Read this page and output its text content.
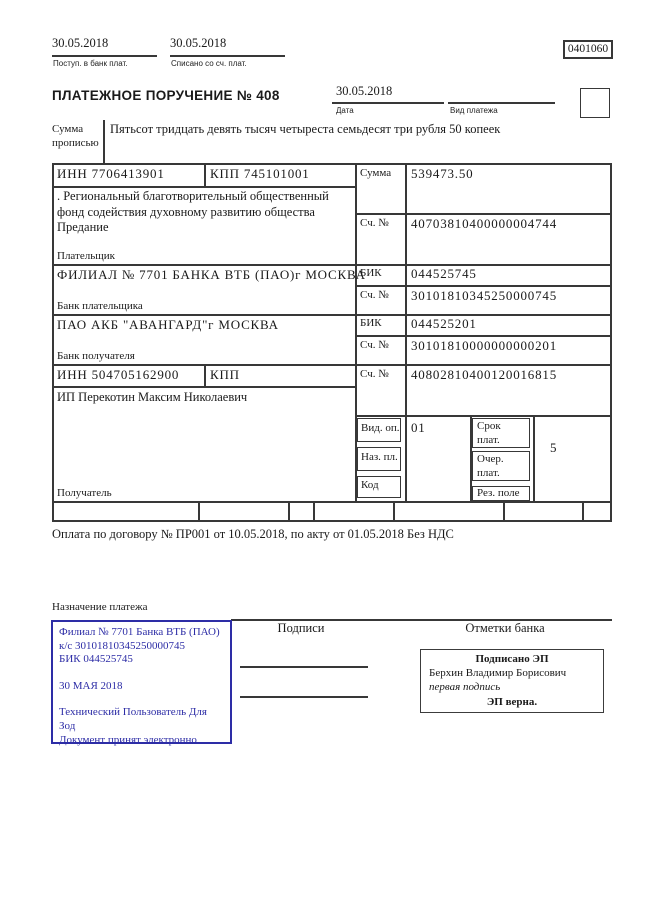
30.05.2018
Поступ. в банк плат.
30.05.2018
Списано со сч. плат.
0401060
ПЛАТЕЖНОЕ ПОРУЧЕНИЕ № 408	30.05.2018
Дата	Вид платежа
Сумма прописью
Пятьсот тридцать девять тысяч четыреста семьдесят три рубля 50 копеек
ИНН 7706413901	КПП 745101001
. Региональный благотворительный общественный фонд содействия духовному развитию общества Предание
Плательщик
Сумма 539473.50
Сч. № 40703810400000004744
ФИЛИАЛ № 7701 БАНКА ВТБ (ПАО)г МОСКВА
Банк плательщика
БИК 044525745
Сч. № 30101810345250000745
ПАО АКБ "АВАНГАРД"г МОСКВА
Банк получателя
БИК 044525201
Сч. № 30101810000000000201
ИНН 504705162900 КПП
ИП Перекотин Максим Николаевич
Получатель
Сч. № 40802810400120016815
Вид. оп. 01
Наз. пл.
Код
Срок плат.
Очер. плат.
Рез. поле
5
Оплата по договору № ПР001 от 10.05.2018, по акту от 01.05.2018 Без НДС
Назначение платежа
Филиал № 7701 Банка ВТБ (ПАО)
к/с 30101810345250000745
БИК 044525745
30 МАЯ 2018
Технический Пользователь Для Зод
Документ принят электронно
Подписи	Отметки банка
Подписано ЭП
Берхин Владимир Борисович
первая подпись
ЭП верна.
